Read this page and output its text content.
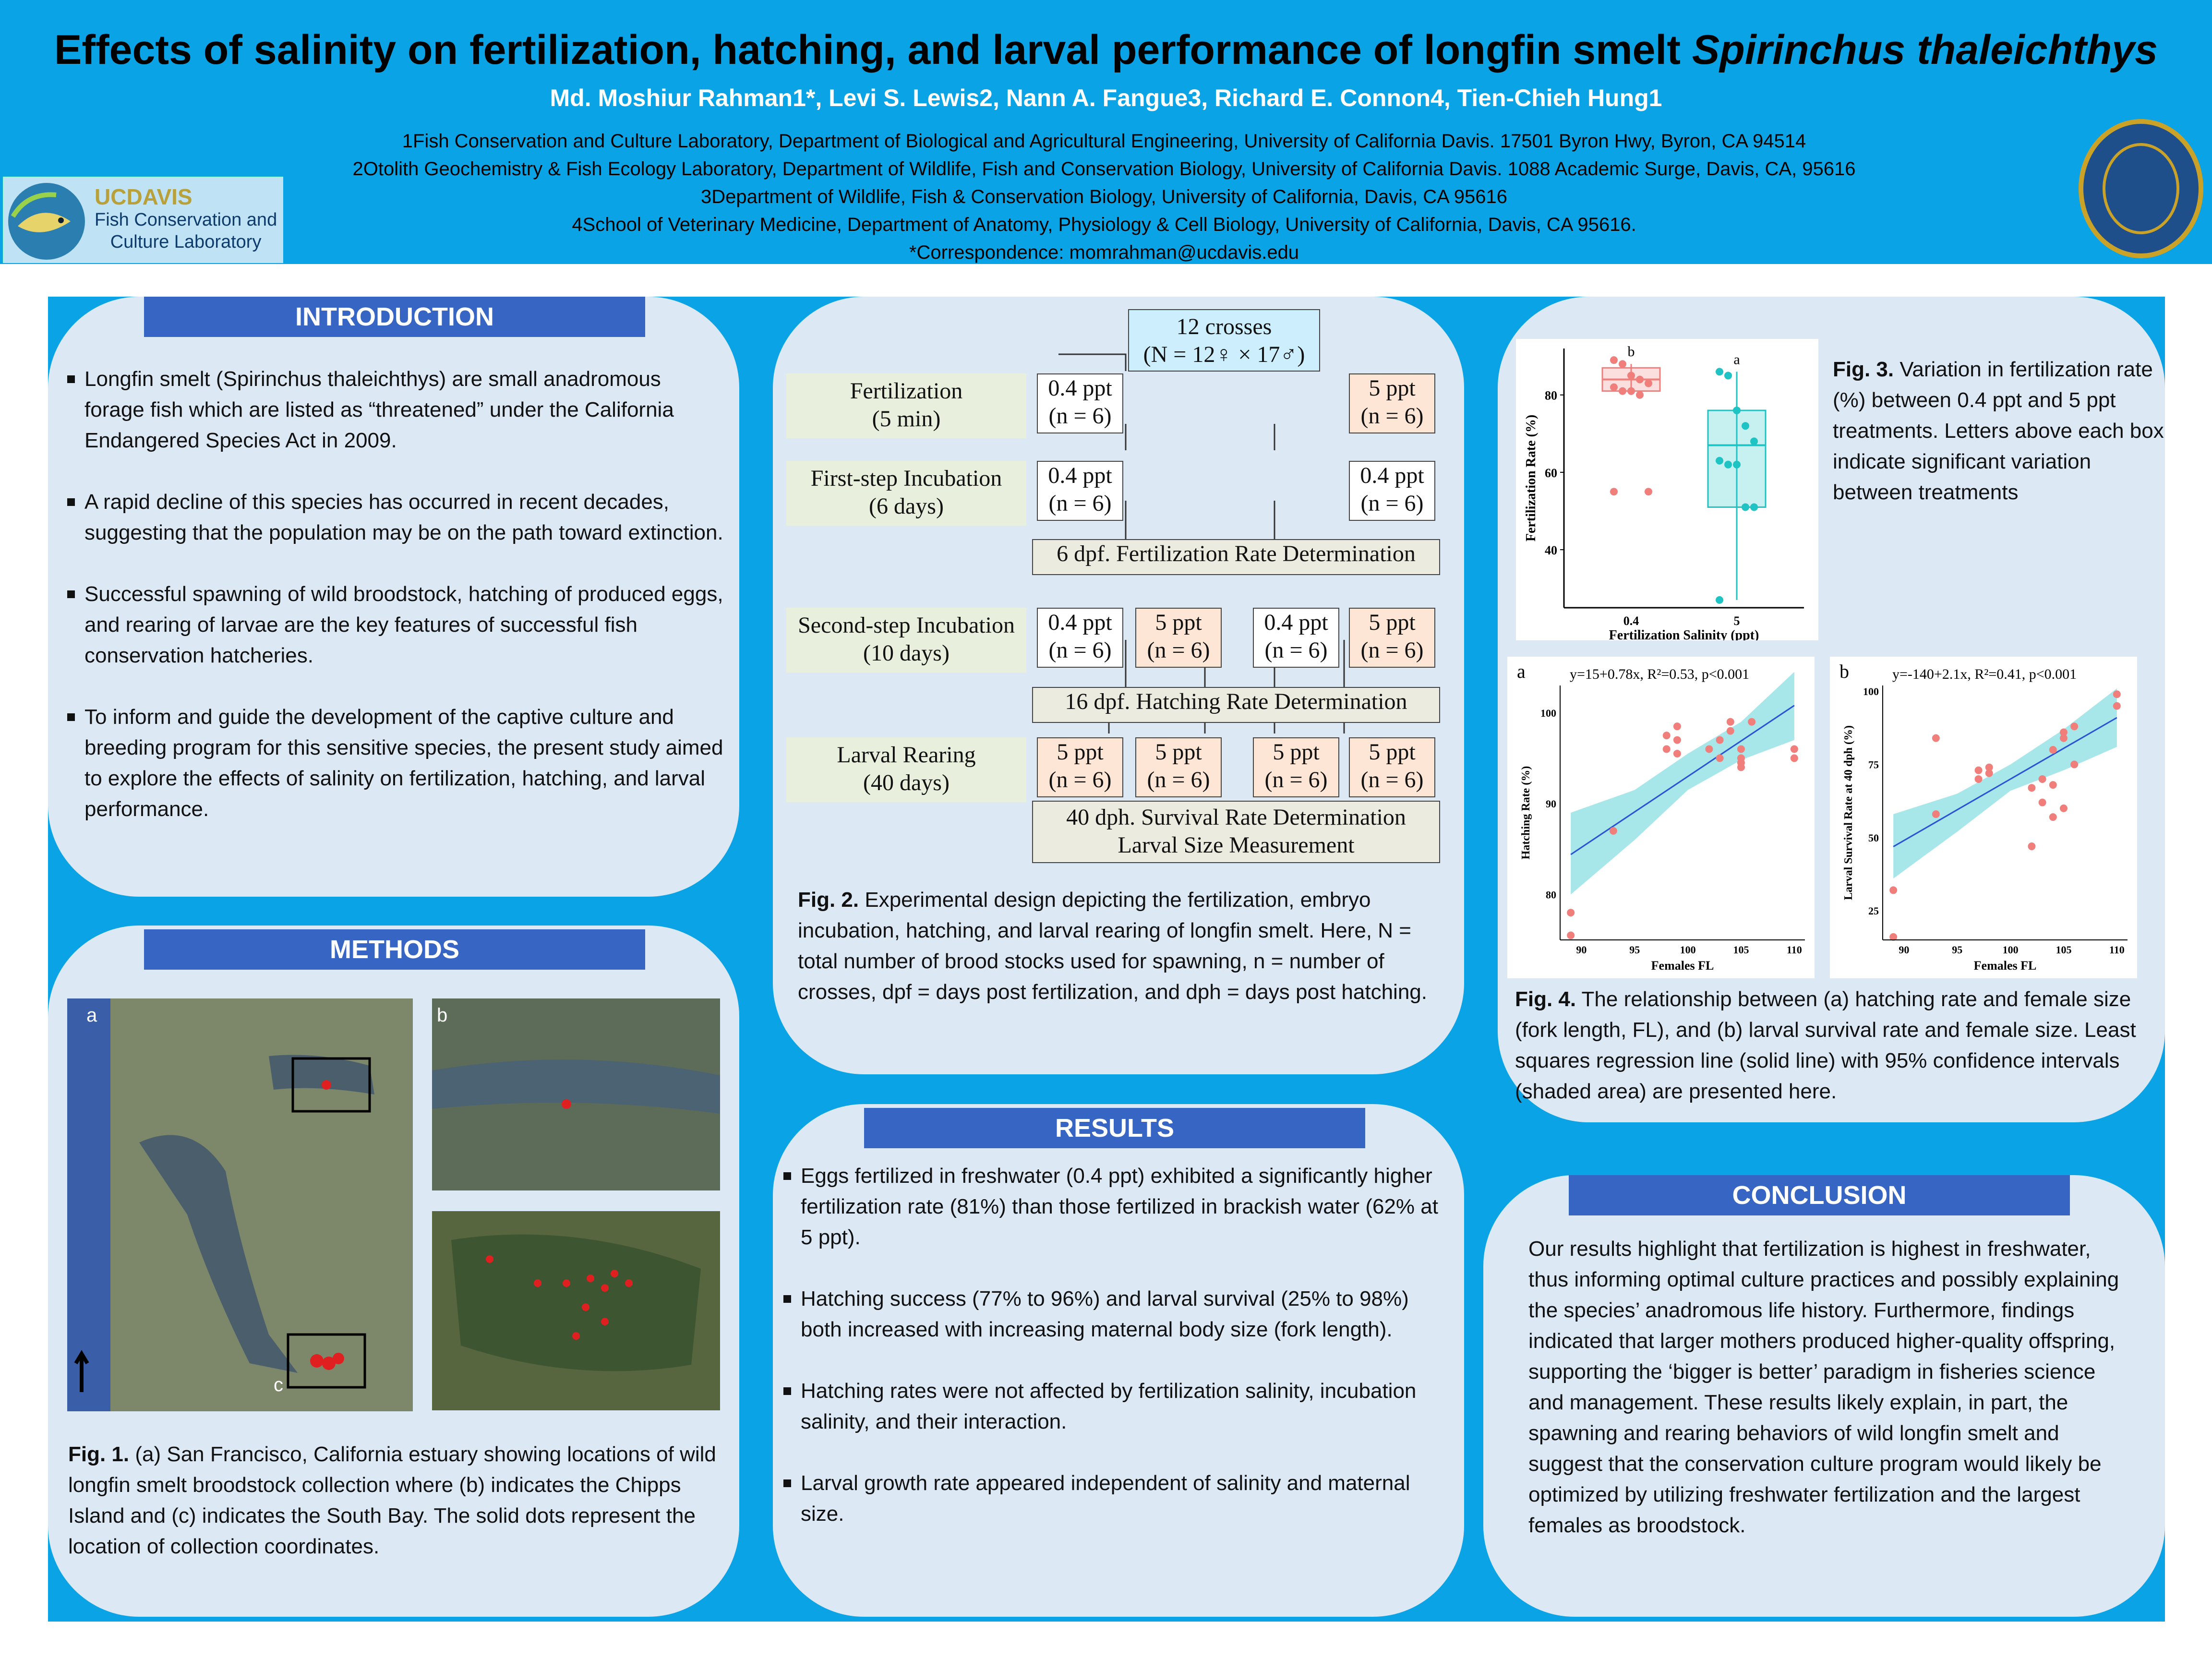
Effects of salinity on fertilization, hatching, and larval performance of longfin smelt Spirinchus thaleichthys
Md. Moshiur Rahman1*, Levi S. Lewis2, Nann A. Fangue3, Richard E. Connon4, Tien-Chieh Hung1
1Fish Conservation and Culture Laboratory, Department of Biological and Agricultural Engineering, University of California Davis. 17501 Byron Hwy, Byron, CA 94514
2Otolith Geochemistry & Fish Ecology Laboratory, Department of Wildlife, Fish and Conservation Biology, University of California Davis. 1088 Academic Surge, Davis, CA, 95616
3Department of Wildlife, Fish & Conservation Biology, University of California, Davis, CA 95616
4School of Veterinary Medicine, Department of Anatomy, Physiology & Cell Biology, University of California, Davis, CA 95616.
*Correspondence: momrahman@ucdavis.edu
UCDAVIS
Fish Conservation and
Culture Laboratory
INTRODUCTION
Longfin smelt (Spirinchus thaleichthys) are small anadromous forage fish which are listed as “threatened” under the California Endangered Species Act in 2009.
A rapid decline of this species has occurred in recent decades, suggesting that the population may be on the path toward extinction.
Successful spawning of wild broodstock, hatching of produced eggs, and rearing of larvae are the key features of successful fish conservation hatcheries.
To inform and guide the development of the captive culture and breeding program for this sensitive species, the present study aimed to explore the effects of salinity on fertilization, hatching, and larval performance.
METHODS
a
c
b
Fig. 1. (a) San Francisco, California estuary showing locations of wild longfin smelt broodstock collection where (b) indicates the Chipps Island and (c) indicates the South Bay. The solid dots represent the location of collection coordinates.
12 crosses
(N = 12♀ × 17♂)
Fertilization
(5 min)
0.4 ppt
(n = 6)
5 ppt
(n = 6)
First-step Incubation
(6 days)
0.4 ppt
(n = 6)
0.4 ppt
(n = 6)
6 dpf. Fertilization Rate Determination
Second-step Incubation
(10 days)
0.4 ppt
(n = 6)
5 ppt
(n = 6)
0.4 ppt
(n = 6)
5 ppt
(n = 6)
16 dpf. Hatching Rate Determination
Larval Rearing
(40 days)
5 ppt
(n = 6)
5 ppt
(n = 6)
5 ppt
(n = 6)
5 ppt
(n = 6)
40 dph. Survival Rate Determination
Larval Size Measurement
Fig. 2. Experimental design depicting the fertilization, embryo incubation, hatching, and larval rearing of longfin smelt. Here, N = total number of brood stocks used for spawning, n = number of crosses, dpf = days post fertilization, and dph = days post hatching.
RESULTS
Eggs fertilized in freshwater (0.4 ppt) exhibited a significantly higher fertilization rate (81%) than those fertilized in brackish water (62% at 5 ppt).
Hatching success (77% to 96%) and larval survival (25% to 98%) both increased with increasing maternal body size (fork length).
Hatching rates were not affected by fertilization salinity, incubation salinity, and their interaction.
Larval growth rate appeared independent of salinity and maternal size.
40
60
80
0.4
b
5
a
Fertilization Salinity (ppt)
Fertilization Rate (%)
Fig. 3. Variation in fertilization rate (%) between 0.4 ppt and 5 ppt treatments. Letters above each box indicate significant variation between treatments
a	y=15+0.78x, R²=0.53, p<0.001
80
90
100
90	95	100	105	110
Females FL
Hatching Rate (%)
b	y=-140+2.1x, R²=0.41, p<0.001
25
50
75
100
90	95	100	105	110
Females FL
Larval Survival Rate at 40 dph (%)
Fig. 4. The relationship between (a) hatching rate and female size (fork length, FL), and (b) larval survival rate and female size. Least squares regression line (solid line) with 95% confidence intervals (shaded area) are presented here.
CONCLUSION
Our results highlight that fertilization is highest in freshwater, thus informing optimal culture practices and possibly explaining the species’ anadromous life history. Furthermore, findings indicated that larger mothers produced higher-quality offspring, supporting the ‘bigger is better’ paradigm in fisheries science and management. These results likely explain, in part, the spawning and rearing behaviors of wild longfin smelt and suggest that the conservation culture program would likely be optimized by utilizing freshwater fertilization and the largest females as broodstock.
